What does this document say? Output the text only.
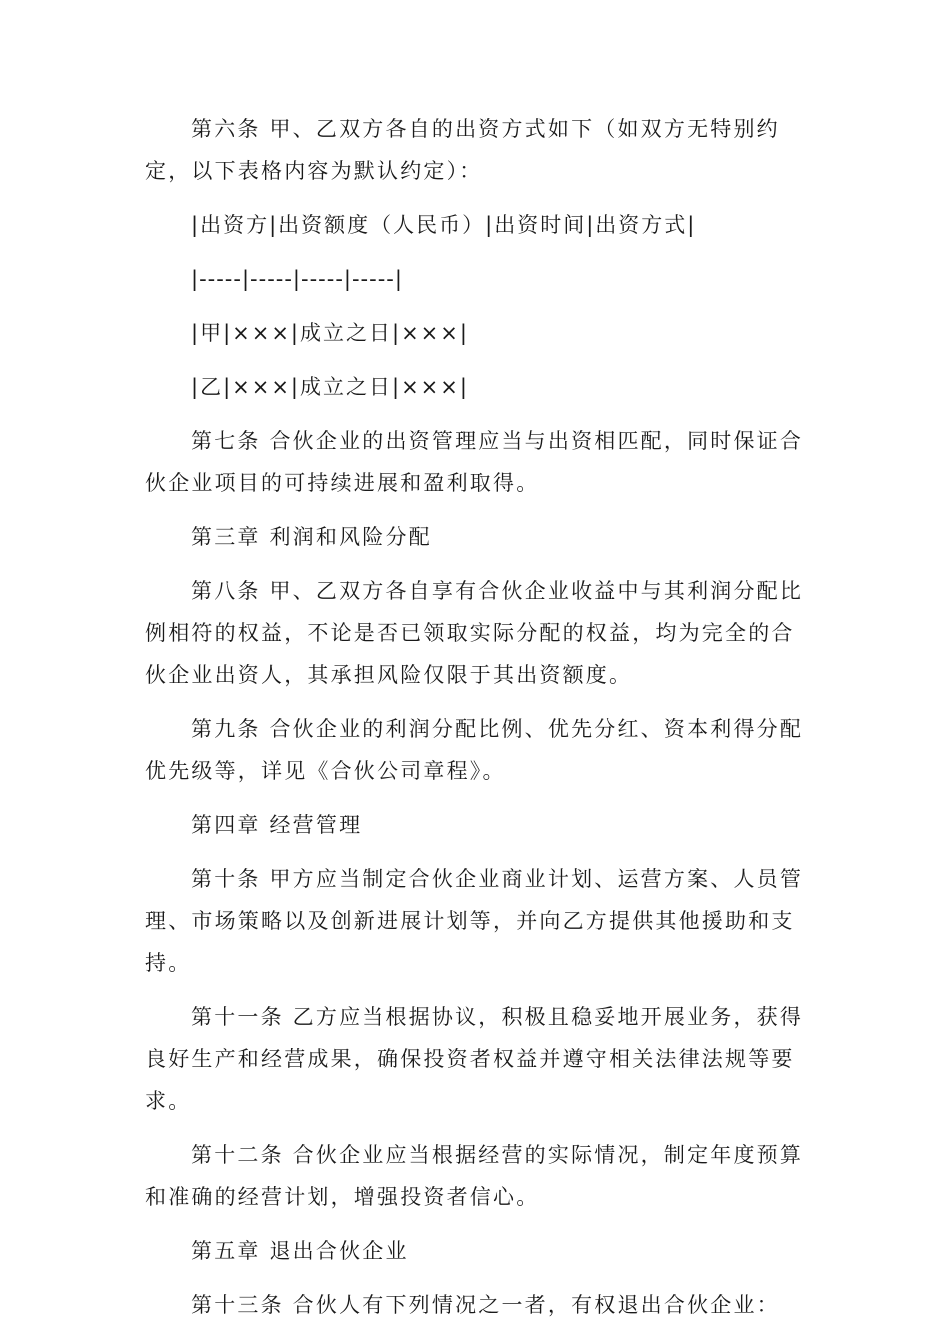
第六条 甲、乙双方各自的出资方式如下（如双方无特别约定，以下表格内容为默认约定）：

|出资方|出资额度（人民币）|出资时间|出资方式|
|-----|-----|-----|-----|
|甲|×××|成立之日|×××|
|乙|×××|成立之日|×××|

第七条 合伙企业的出资管理应当与出资相匹配，同时保证合伙企业项目的可持续进展和盈利取得。

第三章 利润和风险分配

第八条 甲、乙双方各自享有合伙企业收益中与其利润分配比例相符的权益，不论是否已领取实际分配的权益，均为完全的合伙企业出资人，其承担风险仅限于其出资额度。

第九条 合伙企业的利润分配比例、优先分红、资本利得分配优先级等，详见《合伙公司章程》。

第四章 经营管理

第十条 甲方应当制定合伙企业商业计划、运营方案、人员管理、市场策略以及创新进展计划等，并向乙方提供其他援助和支持。

第十一条 乙方应当根据协议，积极且稳妥地开展业务，获得良好生产和经营成果，确保投资者权益并遵守相关法律法规等要求。

第十二条 合伙企业应当根据经营的实际情况，制定年度预算和准确的经营计划，增强投资者信心。

第五章 退出合伙企业

第十三条 合伙人有下列情况之一者，有权退出合伙企业：
